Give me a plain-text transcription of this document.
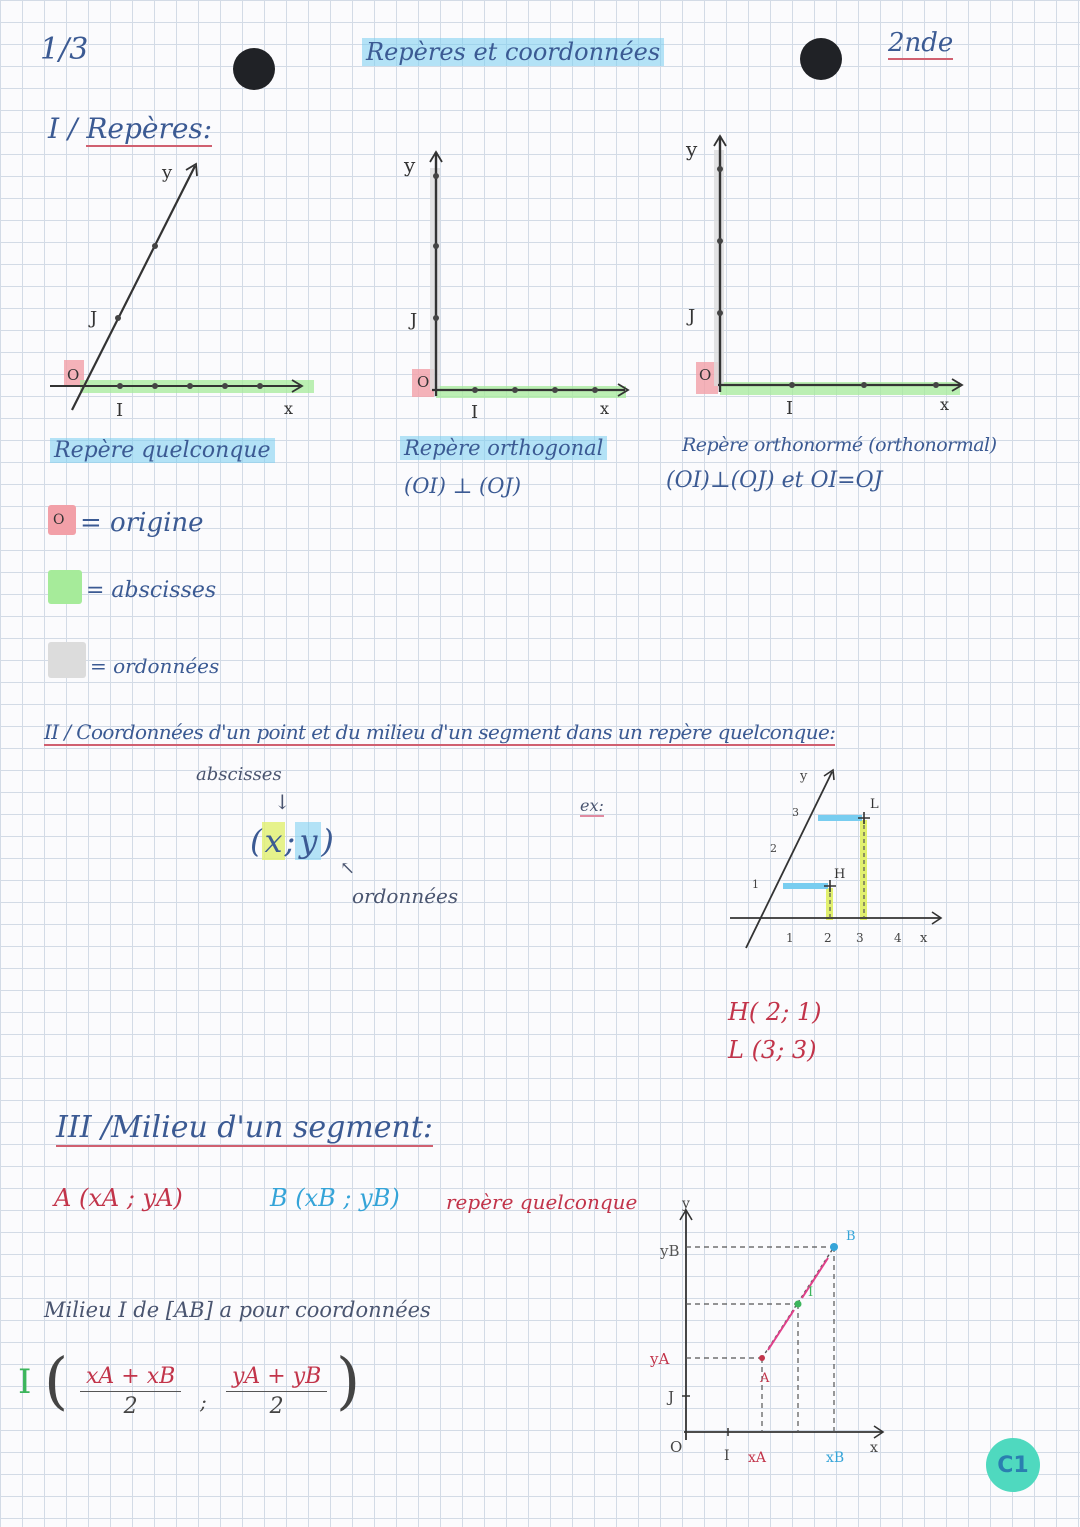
1/3	Repères et coordonnées	2nde
I / Repères:
O
I
J
x
y
O
I
J
x
y
O
I
J
x
y
H
L
1	2 3	4 x
1
2
3
y
yB
yA
J
O	I xA	xB
x
y
A
I
B
Repère quelconque	Repère orthogonal
(OI) ⊥ (OJ)
Repère orthonormé (orthonormal)
(OI)⊥(OJ) et OI=OJ
O = origine
= abscisses
= ordonnées
II / Coordonnées d'un point et du milieu d'un segment dans un repère quelconque:
abscisses
↓
(x; y )
↖
ordonnées
ex:
H( 2; 1)
L (3; 3)
III /Milieu d'un segment:
A (xA ; yA)	B (xB ; yB) repère quelconque
Milieu I de [AB] a pour coordonnées
I ( $\frac{xA + xB}{2}$ ; $\frac{yA + yB}{2}$ )
C1
